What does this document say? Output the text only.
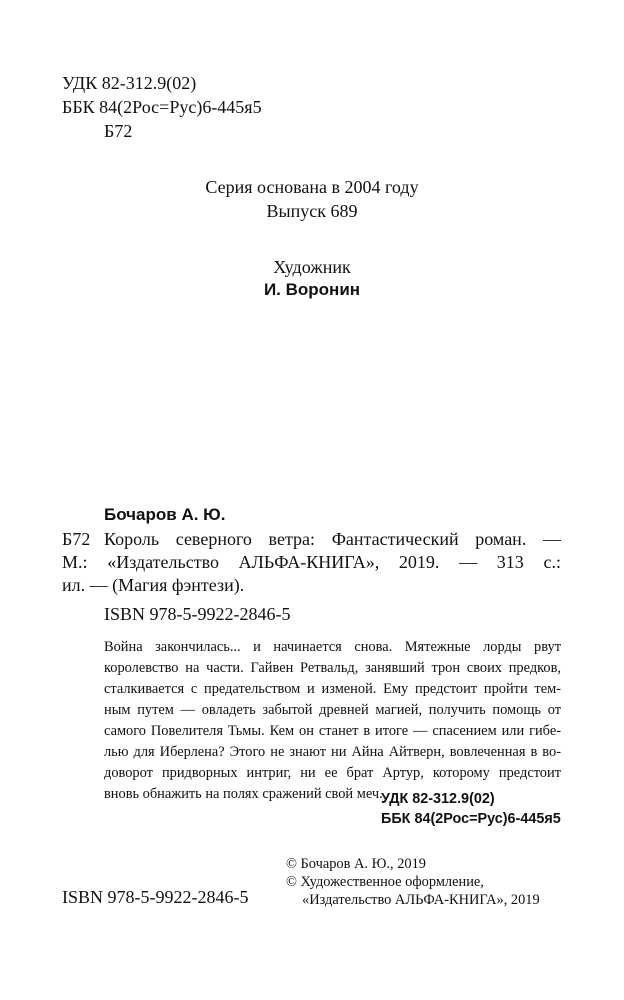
УДК 82-312.9(02)
ББК 84(2Рос=Рус)6-445я5
Б72
Серия основана в 2004 году
Выпуск 689
Художник
И. Воронин
Бочаров А. Ю.
Б72 Король северного ветра: Фантастический роман. —
М.: «Издательство АЛЬФА-КНИГА», 2019. — 313 с.:
ил. — (Магия фэнтези).
ISBN 978-5-9922-2846-5
Война закончилась... и начинается снова. Мятежные лорды рвут
королевство на части. Гайвен Ретвальд, занявший трон своих предков,
сталкивается с предательством и изменой. Ему предстоит пройти тем-
ным путем — овладеть забытой древней магией, получить помощь от
самого Повелителя Тьмы. Кем он станет в итоге — спасением или гибе-
лью для Иберлена? Этого не знают ни Айна Айтверн, вовлеченная в во-
доворот придворных интриг, ни ее брат Артур, которому предстоит
вновь обнажить на полях сражений свой меч.
УДК 82-312.9(02)
ББК 84(2Рос=Рус)6-445я5
© Бочаров А. Ю., 2019
© Художественное оформление,
«Издательство АЛЬФА-КНИГА», 2019
ISBN 978-5-9922-2846-5
